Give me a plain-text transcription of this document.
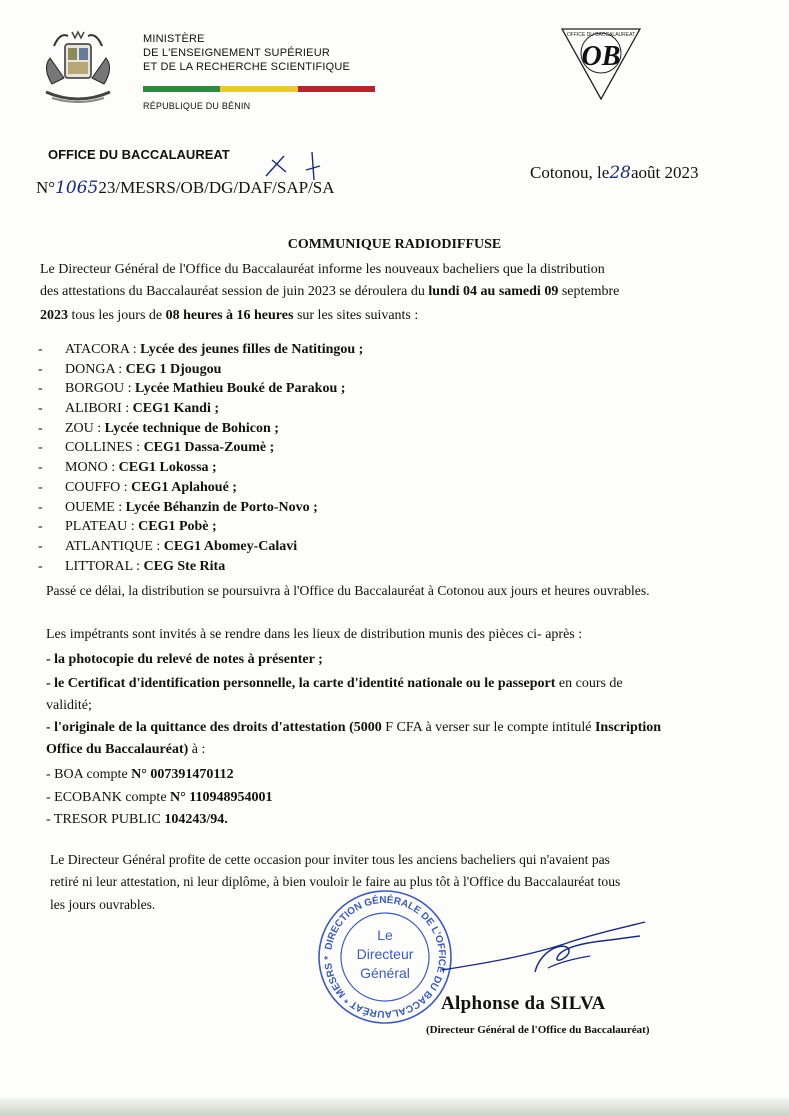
MINISTÈRE
DE L'ENSEIGNEMENT SUPÉRIEUR
ET DE LA RECHERCHE SCIENTIFIQUE
RÉPUBLIQUE DU BÉNIN
OFFICE DU BACCALAUREAT
OB
OFFICE DU BACCALAUREAT
N°106523/MESRS/OB/DG/DAF/SAP/SA
Cotonou, le28août 2023
COMMUNIQUE RADIODIFFUSE
Le Directeur Général de l'Office du Baccalauréat informe les nouveaux bacheliers que la distribution
des attestations du Baccalauréat session de juin 2023 se déroulera du lundi 04 au samedi 09 septembre
2023 tous les jours de 08 heures à 16 heures sur les sites suivants :
- ATACORA : Lycée des jeunes filles de Natitingou ;
- DONGA : CEG 1 Djougou
- BORGOU : Lycée Mathieu Bouké de Parakou ;
- ALIBORI : CEG1 Kandi ;
- ZOU : Lycée technique de Bohicon ;
- COLLINES : CEG1 Dassa-Zoumè ;
- MONO : CEG1 Lokossa ;
- COUFFO : CEG1 Aplahoué ;
- OUEME : Lycée Béhanzin de Porto-Novo ;
- PLATEAU : CEG1 Pobè ;
- ATLANTIQUE : CEG1 Abomey-Calavi
- LITTORAL : CEG Ste Rita
Passé ce délai, la distribution se poursuivra à l'Office du Baccalauréat à Cotonou aux jours et heures ouvrables.
Les impétrants sont invités à se rendre dans les lieux de distribution munis des pièces ci- après :
- la photocopie du relevé de notes à présenter ;
- le Certificat d'identification personnelle, la carte d'identité nationale ou le passeport en cours de
validité;
- l'originale de la quittance des droits d'attestation (5000 F CFA à verser sur le compte intitulé Inscription
Office du Baccalauréat) à :
- BOA compte N° 007391470112
- ECOBANK compte N° 110948954001
- TRESOR PUBLIC 104243/94.
Le Directeur Général profite de cette occasion pour inviter tous les anciens bacheliers qui n'avaient pas
retiré ni leur attestation, ni leur diplôme, à bien vouloir le faire au plus tôt à l'Office du Baccalauréat tous
les jours ouvrables.
DIRECTION GÉNÉRALE DE L'OFFICE DU BACCALAURÉAT * MESRS *
Le
Directeur
Général
Alphonse da SILVA
(Directeur Général de l'Office du Baccalauréat)
